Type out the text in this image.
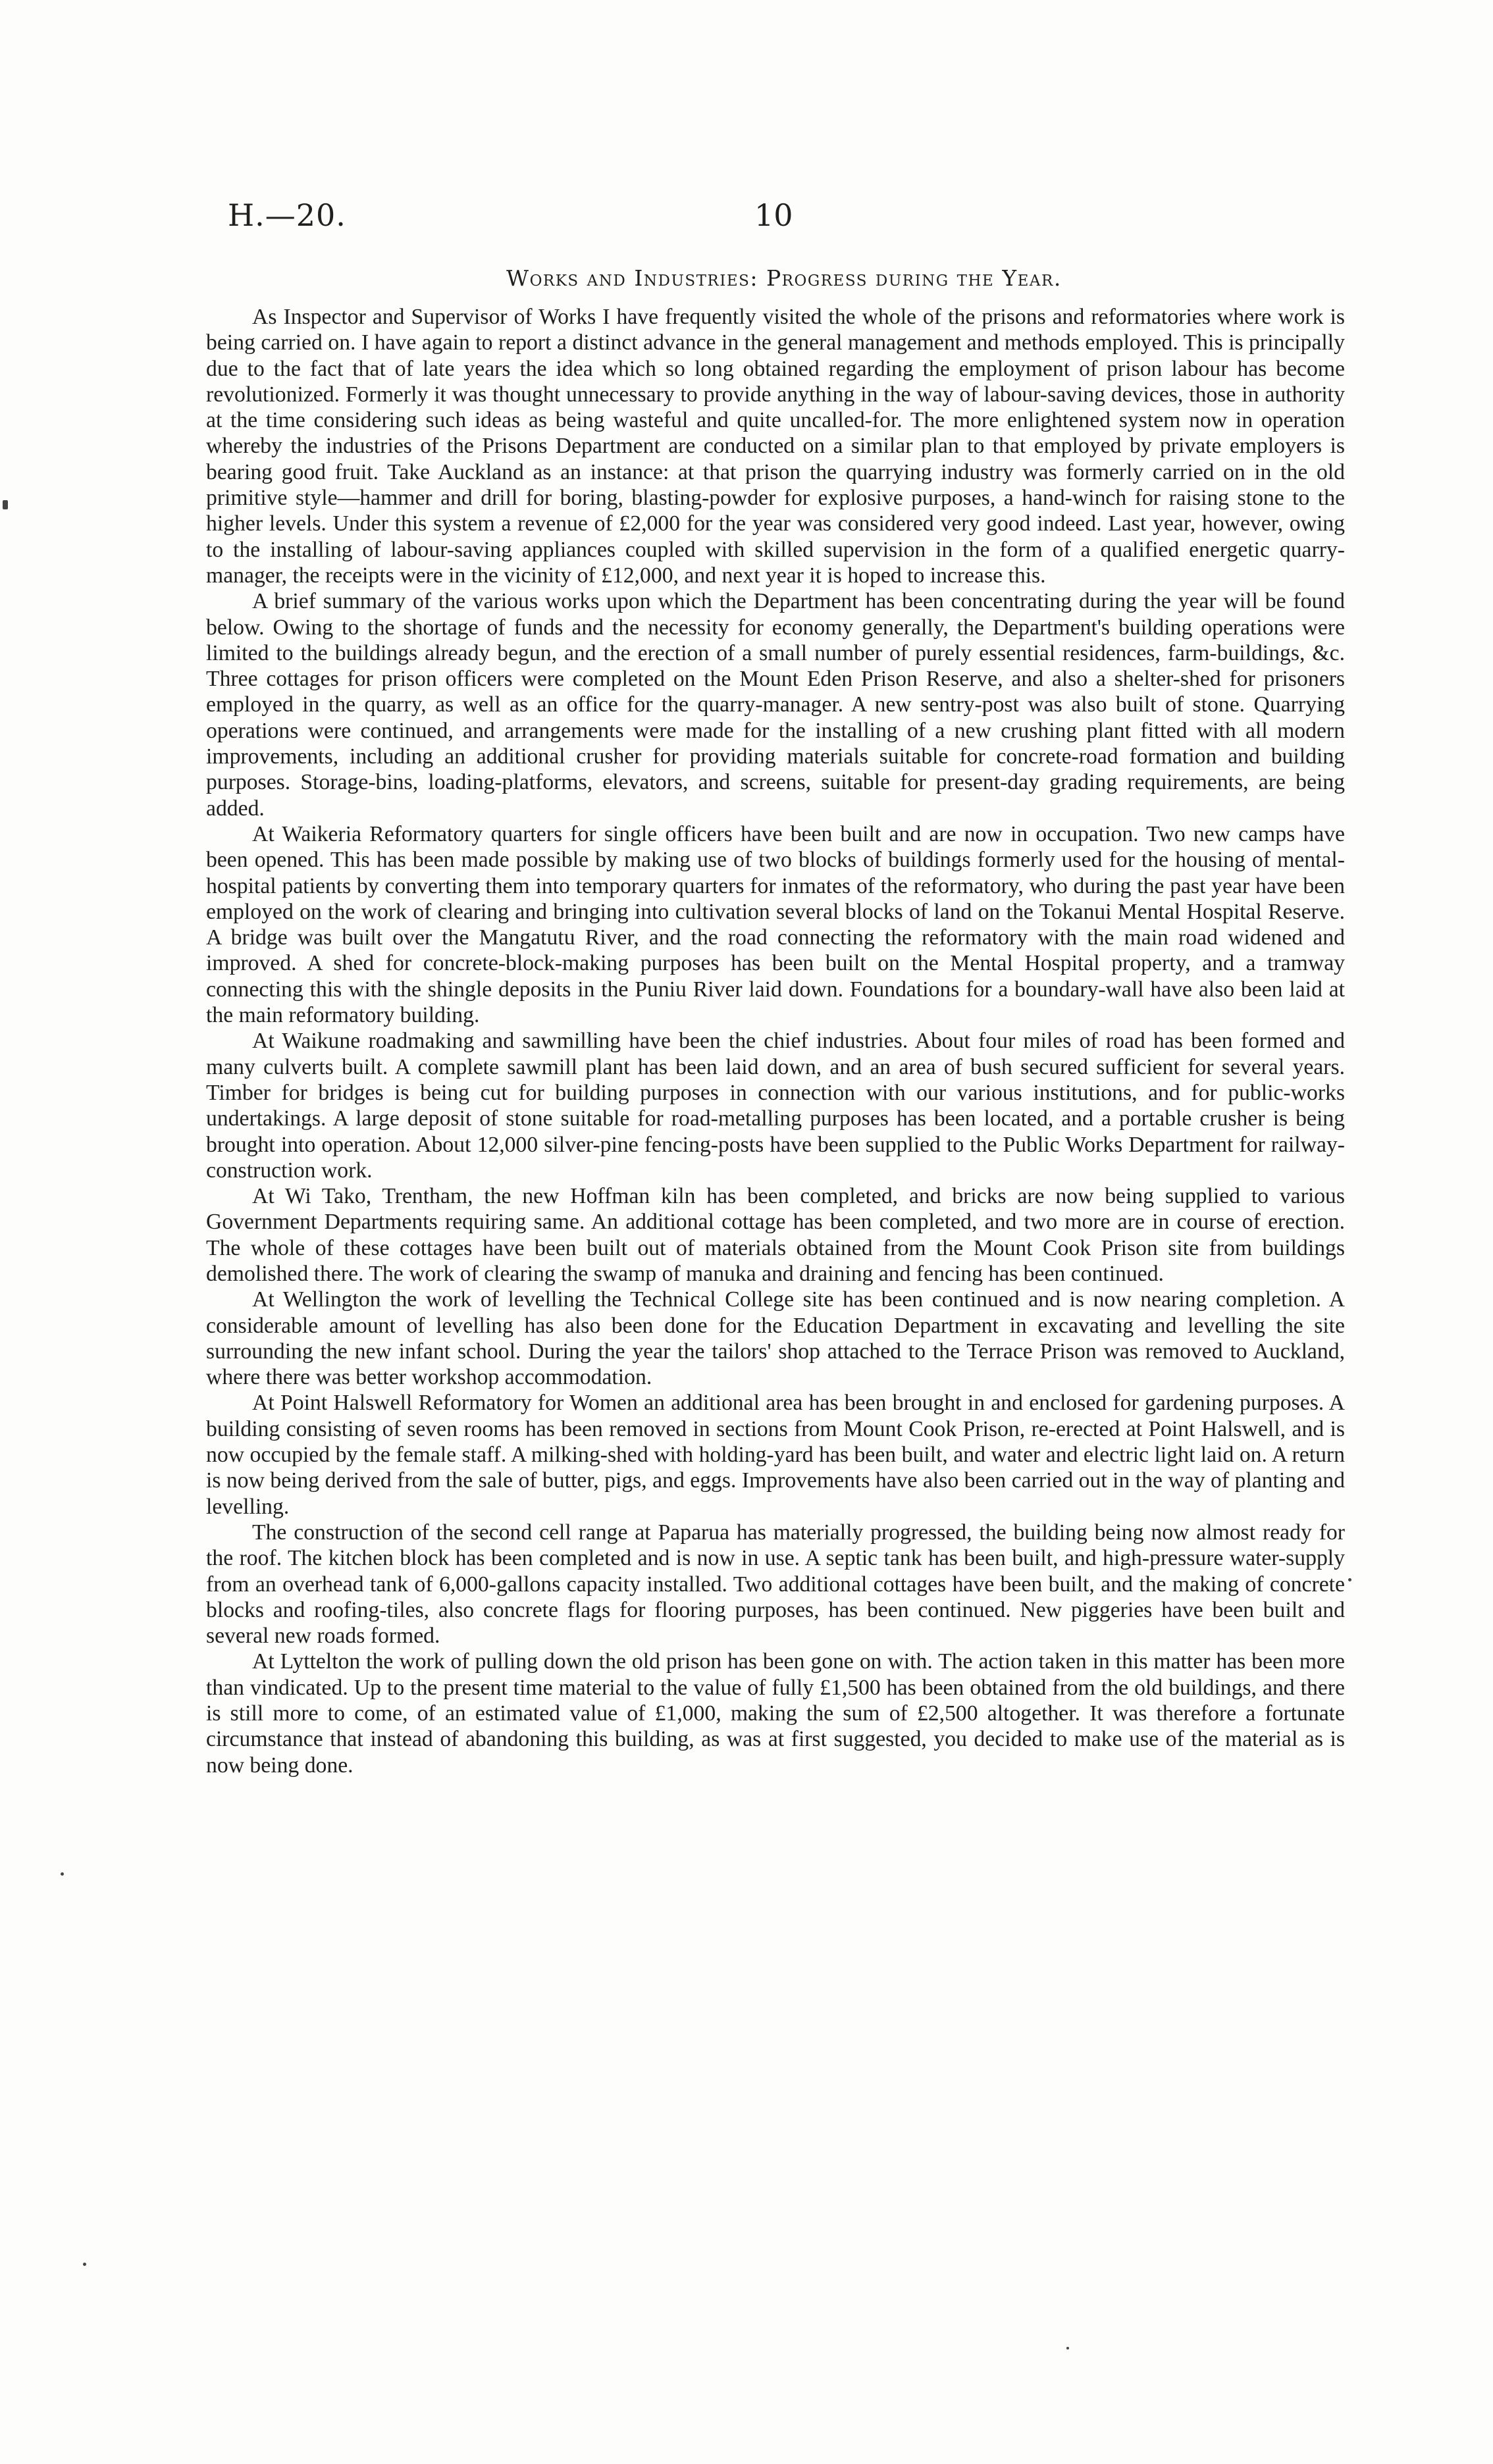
H.—20.	10
Works and Industries: Progress during the Year.

As Inspector and Supervisor of Works I have frequently visited the whole of the prisons and reformatories where work is being carried on. I have again to report a distinct advance in the general management and methods employed. This is principally due to the fact that of late years the idea which so long obtained regarding the employment of prison labour has become revolutionized. Formerly it was thought unnecessary to provide anything in the way of labour-saving devices, those in authority at the time considering such ideas as being wasteful and quite uncalled-for. The more enlightened system now in operation whereby the industries of the Prisons Department are conducted on a similar plan to that employed by private employers is bearing good fruit. Take Auckland as an instance: at that prison the quarrying industry was formerly carried on in the old primitive style—hammer and drill for boring, blasting-powder for explosive purposes, a hand-winch for raising stone to the higher levels. Under this system a revenue of £2,000 for the year was considered very good indeed. Last year, however, owing to the installing of labour-saving appliances coupled with skilled supervision in the form of a qualified energetic quarry-manager, the receipts were in the vicinity of £12,000, and next year it is hoped to increase this.

A brief summary of the various works upon which the Department has been concentrating during the year will be found below. Owing to the shortage of funds and the necessity for economy generally, the Department's building operations were limited to the buildings already begun, and the erection of a small number of purely essential residences, farm-buildings, &c. Three cottages for prison officers were completed on the Mount Eden Prison Reserve, and also a shelter-shed for prisoners employed in the quarry, as well as an office for the quarry-manager. A new sentry-post was also built of stone. Quarrying operations were continued, and arrangements were made for the installing of a new crushing plant fitted with all modern improvements, including an additional crusher for providing materials suitable for concrete-road formation and building purposes. Storage-bins, loading-platforms, elevators, and screens, suitable for present-day grading requirements, are being added.

At Waikeria Reformatory quarters for single officers have been built and are now in occupation. Two new camps have been opened. This has been made possible by making use of two blocks of buildings formerly used for the housing of mental-hospital patients by converting them into temporary quarters for inmates of the reformatory, who during the past year have been employed on the work of clearing and bringing into cultivation several blocks of land on the Tokanui Mental Hospital Reserve. A bridge was built over the Mangatutu River, and the road connecting the reformatory with the main road widened and improved. A shed for concrete-block-making purposes has been built on the Mental Hospital property, and a tramway connecting this with the shingle deposits in the Puniu River laid down. Foundations for a boundary-wall have also been laid at the main reformatory building.

At Waikune roadmaking and sawmilling have been the chief industries. About four miles of road has been formed and many culverts built. A complete sawmill plant has been laid down, and an area of bush secured sufficient for several years. Timber for bridges is being cut for building purposes in connection with our various institutions, and for public-works undertakings. A large deposit of stone suitable for road-metalling purposes has been located, and a portable crusher is being brought into operation. About 12,000 silver-pine fencing-posts have been supplied to the Public Works Department for railway-construction work.

At Wi Tako, Trentham, the new Hoffman kiln has been completed, and bricks are now being supplied to various Government Departments requiring same. An additional cottage has been completed, and two more are in course of erection. The whole of these cottages have been built out of materials obtained from the Mount Cook Prison site from buildings demolished there. The work of clearing the swamp of manuka and draining and fencing has been continued.

At Wellington the work of levelling the Technical College site has been continued and is now nearing completion. A considerable amount of levelling has also been done for the Education Department in excavating and levelling the site surrounding the new infant school. During the year the tailors' shop attached to the Terrace Prison was removed to Auckland, where there was better workshop accommodation.

At Point Halswell Reformatory for Women an additional area has been brought in and enclosed for gardening purposes. A building consisting of seven rooms has been removed in sections from Mount Cook Prison, re-erected at Point Halswell, and is now occupied by the female staff. A milking-shed with holding-yard has been built, and water and electric light laid on. A return is now being derived from the sale of butter, pigs, and eggs. Improvements have also been carried out in the way of planting and levelling.

The construction of the second cell range at Paparua has materially progressed, the building being now almost ready for the roof. The kitchen block has been completed and is now in use. A septic tank has been built, and high-pressure water-supply from an overhead tank of 6,000-gallons capacity installed. Two additional cottages have been built, and the making of concrete blocks and roofing-tiles, also concrete flags for flooring purposes, has been continued. New piggeries have been built and several new roads formed.

At Lyttelton the work of pulling down the old prison has been gone on with. The action taken in this matter has been more than vindicated. Up to the present time material to the value of fully £1,500 has been obtained from the old buildings, and there is still more to come, of an estimated value of £1,000, making the sum of £2,500 altogether. It was therefore a fortunate circumstance that instead of abandoning this building, as was at first suggested, you decided to make use of the material as is now being done.
